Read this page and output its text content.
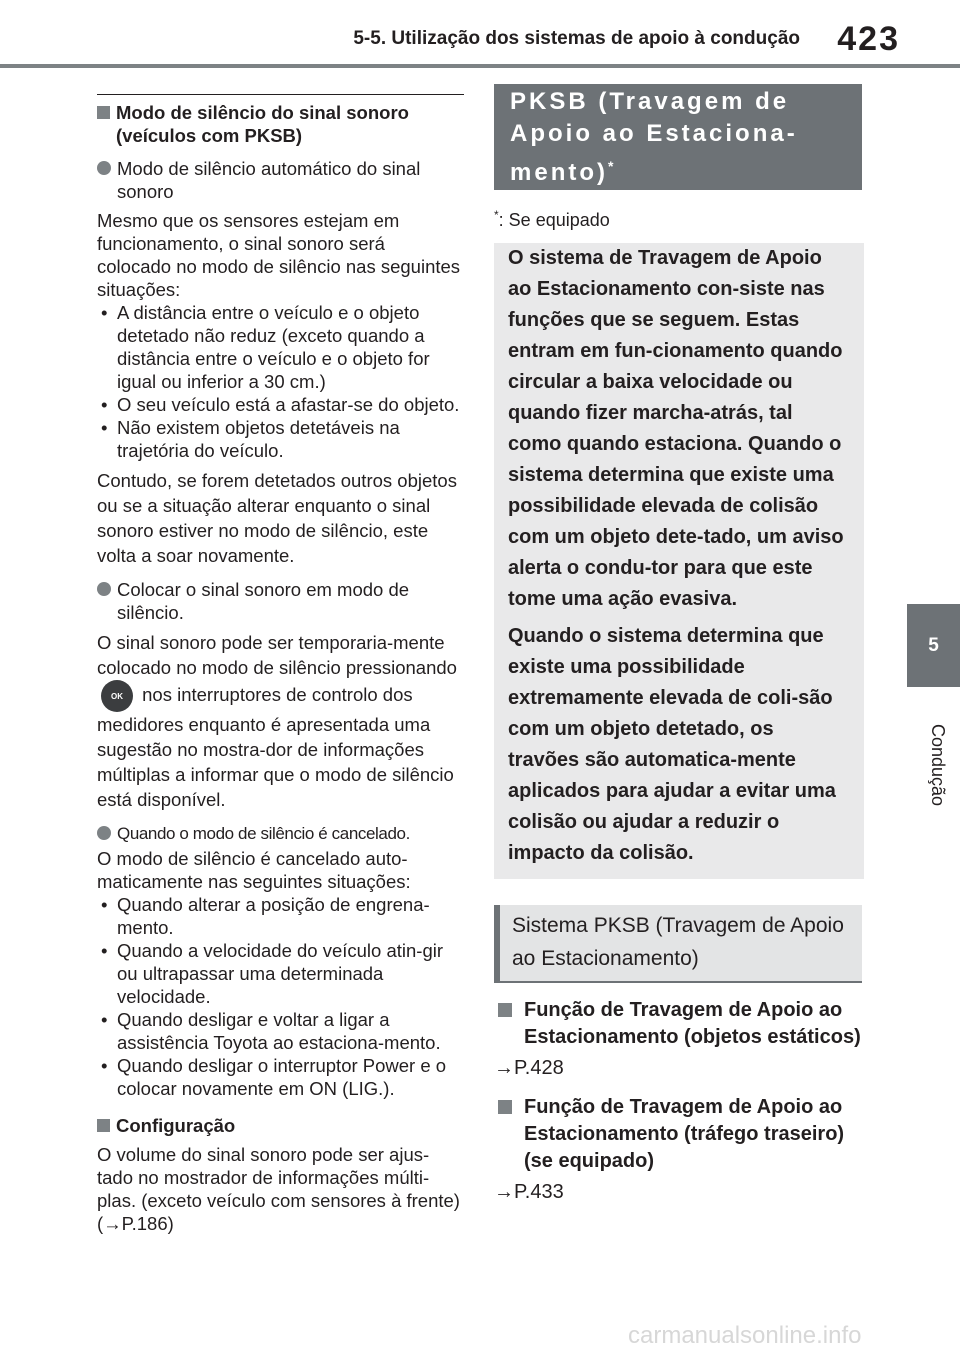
5-5. Utilização dos sistemas de apoio à condução	423
5
Condução
Modo de silêncio do sinal sonoro (veículos com PKSB)
Modo de silêncio automático do sinal sonoro

Mesmo que os sensores estejam em funcionamento, o sinal sonoro será colocado no modo de silêncio nas seguintes situações:

• A distância entre o veículo e o objeto detetado não reduz (exceto quando a distância entre o veículo e o objeto for igual ou inferior a 30 cm.)
• O seu veículo está a afastar-se do objeto.
• Não existem objetos detetáveis na trajetória do veículo.

Contudo, se forem detetados outros objetos ou se a situação alterar enquanto o sinal sonoro estiver no modo de silêncio, este volta a soar novamente.

Colocar o sinal sonoro em modo de silêncio.

O sinal sonoro pode ser temporaria-mente colocado no modo de silêncio pressionando OK nos interruptores de controlo dos medidores enquanto é apresentada uma sugestão no mostra-dor de informações múltiplas a informar que o modo de silêncio está disponível.

Quando o modo de silêncio é cancelado.

O modo de silêncio é cancelado auto-maticamente nas seguintes situações:

• Quando alterar a posição de engrena-mento.
• Quando a velocidade do veículo atin-gir ou ultrapassar uma determinada velocidade.
• Quando desligar e voltar a ligar a assistência Toyota ao estaciona-mento.
• Quando desligar o interruptor Power e o colocar novamente em ON (LIG.).
Configuração

O volume do sinal sonoro pode ser ajus-tado no mostrador de informações múlti-plas. (exceto veículo com sensores à frente) (→P.186)

PKSB (Travagem de Apoio ao Estaciona-mento)*
*: Se equipado

O sistema de Travagem de Apoio ao Estacionamento con-siste nas funções que se seguem. Estas entram em fun-cionamento quando circular a baixa velocidade ou quando fizer marcha-atrás, tal como quando estaciona. Quando o sistema determina que existe uma possibilidade elevada de colisão com um objeto dete-tado, um aviso alerta o condu-tor para que este tome uma ação evasiva.

Quando o sistema determina que existe uma possibilidade extremamente elevada de coli-são com um objeto detetado, os travões são automatica-mente aplicados para ajudar a evitar uma colisão ou ajudar a reduzir o impacto da colisão.

Sistema PKSB (Travagem de Apoio ao Estacionamento)
Função de Travagem de Apoio ao Estacionamento (objetos estáticos)
→P.428
Função de Travagem de Apoio ao Estacionamento (tráfego traseiro) (se equipado)
→P.433
carmanualsonline.info
